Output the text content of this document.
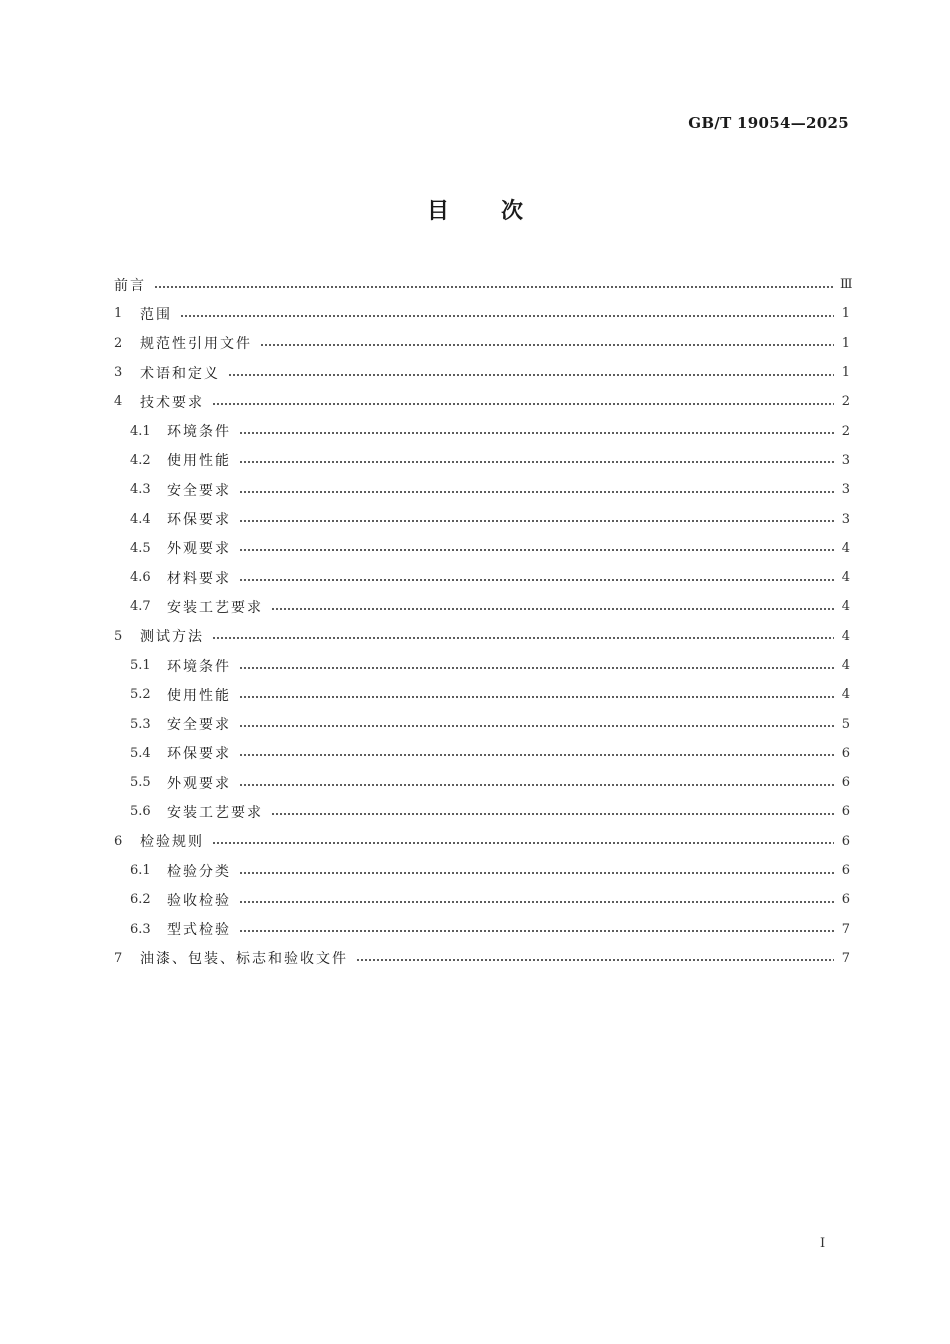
GB/T 19054—2025
目次
前言	Ⅲ
1	范围	1
2	规范性引用文件	1
3	术语和定义	1
4	技术要求	2
4.1	环境条件	2
4.2	使用性能	3
4.3	安全要求	3
4.4	环保要求	3
4.5	外观要求	4
4.6	材料要求	4
4.7	安装工艺要求	4
5	测试方法	4
5.1	环境条件	4
5.2	使用性能	4
5.3	安全要求	5
5.4	环保要求	6
5.5	外观要求	6
5.6	安装工艺要求	6
6	检验规则	6
6.1	检验分类	6
6.2	验收检验	6
6.3	型式检验	7
7	油漆、包装、标志和验收文件	7
I
